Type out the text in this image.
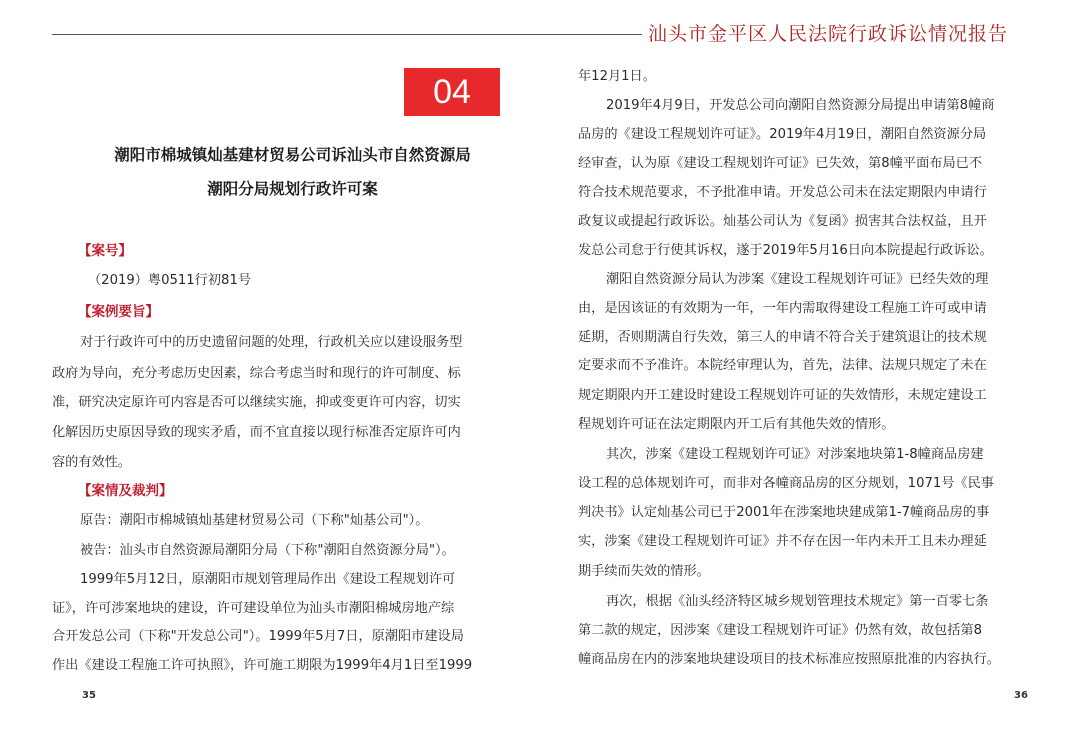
汕头市金平区人民法院行政诉讼情况报告
04
潮阳市棉城镇灿基建材贸易公司诉汕头市自然资源局
潮阳分局规划行政许可案
【案号】
（2019）粤0511行初81号
【案例要旨】
对于行政许可中的历史遗留问题的处理，行政机关应以建设服务型
政府为导向，充分考虑历史因素，综合考虑当时和现行的许可制度、标
准，研究决定原许可内容是否可以继续实施，抑或变更许可内容，切实
化解因历史原因导致的现实矛盾，而不宜直接以现行标准否定原许可内
容的有效性。
【案情及裁判】
原告：潮阳市棉城镇灿基建材贸易公司（下称"灿基公司"）。
被告：汕头市自然资源局潮阳分局（下称"潮阳自然资源分局"）。
1999年5月12日，原潮阳市规划管理局作出《建设工程规划许可
证》，许可涉案地块的建设，许可建设单位为汕头市潮阳棉城房地产综
合开发总公司（下称"开发总公司"）。1999年5月7日，原潮阳市建设局
作出《建设工程施工许可执照》，许可施工期限为1999年4月1日至1999
年12月1日。
2019年4月9日，开发总公司向潮阳自然资源分局提出申请第8幢商
品房的《建设工程规划许可证》。2019年4月19日，潮阳自然资源分局
经审查，认为原《建设工程规划许可证》已失效，第8幢平面布局已不
符合技术规范要求，不予批准申请。开发总公司未在法定期限内申请行
政复议或提起行政诉讼。灿基公司认为《复函》损害其合法权益，且开
发总公司怠于行使其诉权，遂于2019年5月16日向本院提起行政诉讼。
潮阳自然资源分局认为涉案《建设工程规划许可证》已经失效的理
由，是因该证的有效期为一年，一年内需取得建设工程施工许可或申请
延期，否则期满自行失效，第三人的申请不符合关于建筑退让的技术规
定要求而不予准许。本院经审理认为，首先，法律、法规只规定了未在
规定期限内开工建设时建设工程规划许可证的失效情形，未规定建设工
程规划许可证在法定期限内开工后有其他失效的情形。
其次，涉案《建设工程规划许可证》对涉案地块第1-8幢商品房建
设工程的总体规划许可，而非对各幢商品房的区分规划，1071号《民事
判决书》认定灿基公司已于2001年在涉案地块建成第1-7幢商品房的事
实，涉案《建设工程规划许可证》并不存在因一年内未开工且未办理延
期手续而失效的情形。
再次，根据《汕头经济特区城乡规划管理技术规定》第一百零七条
第二款的规定，因涉案《建设工程规划许可证》仍然有效，故包括第8
幢商品房在内的涉案地块建设项目的技术标准应按照原批准的内容执行。
35	36
